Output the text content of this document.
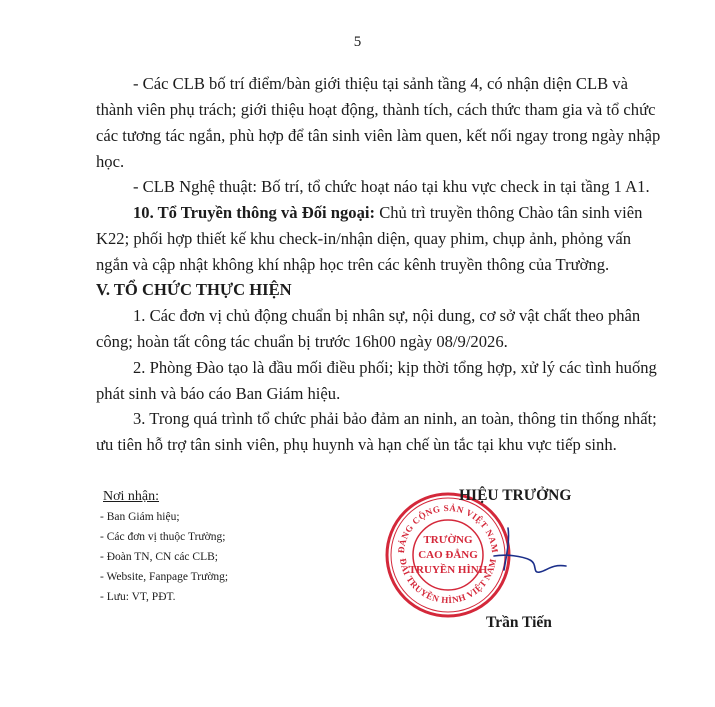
5
- Các CLB bố trí điểm/bàn giới thiệu tại sảnh tầng 4, có nhận diện CLB và
thành viên phụ trách; giới thiệu hoạt động, thành tích, cách thức tham gia và tổ chức
các tương tác ngắn, phù hợp để tân sinh viên làm quen, kết nối ngay trong ngày nhập
học.
- CLB Nghệ thuật: Bố trí, tổ chức hoạt náo tại khu vực check in tại tầng 1 A1.
10. Tổ Truyền thông và Đối ngoại: Chủ trì truyền thông Chào tân sinh viên
K22; phối hợp thiết kế khu check-in/nhận diện, quay phim, chụp ảnh, phỏng vấn
ngắn và cập nhật không khí nhập học trên các kênh truyền thông của Trường.
V. TỔ CHỨC THỰC HIỆN
1. Các đơn vị chủ động chuẩn bị nhân sự, nội dung, cơ sở vật chất theo phân
công; hoàn tất công tác chuẩn bị trước 16h00 ngày 08/9/2026.
2. Phòng Đào tạo là đầu mối điều phối; kịp thời tổng hợp, xử lý các tình huống
phát sinh và báo cáo Ban Giám hiệu.
3. Trong quá trình tổ chức phải bảo đảm an ninh, an toàn, thông tin thống nhất;
ưu tiên hỗ trợ tân sinh viên, phụ huynh và hạn chế ùn tắc tại khu vực tiếp sinh.
Nơi nhận:
- Ban Giám hiệu;
- Các đơn vị thuộc Trường;
- Đoàn TN, CN các CLB;
- Website, Fanpage Trường;
- Lưu: VT, PĐT.
ĐẢNG CỘNG SẢN VIỆT NAM
ĐÀI TRUYỀN HÌNH VIỆT NAM
TRƯỜNG
CAO ĐẲNG
TRUYỀN HÌNH
HIỆU TRƯỞNG
Trần Tiến
